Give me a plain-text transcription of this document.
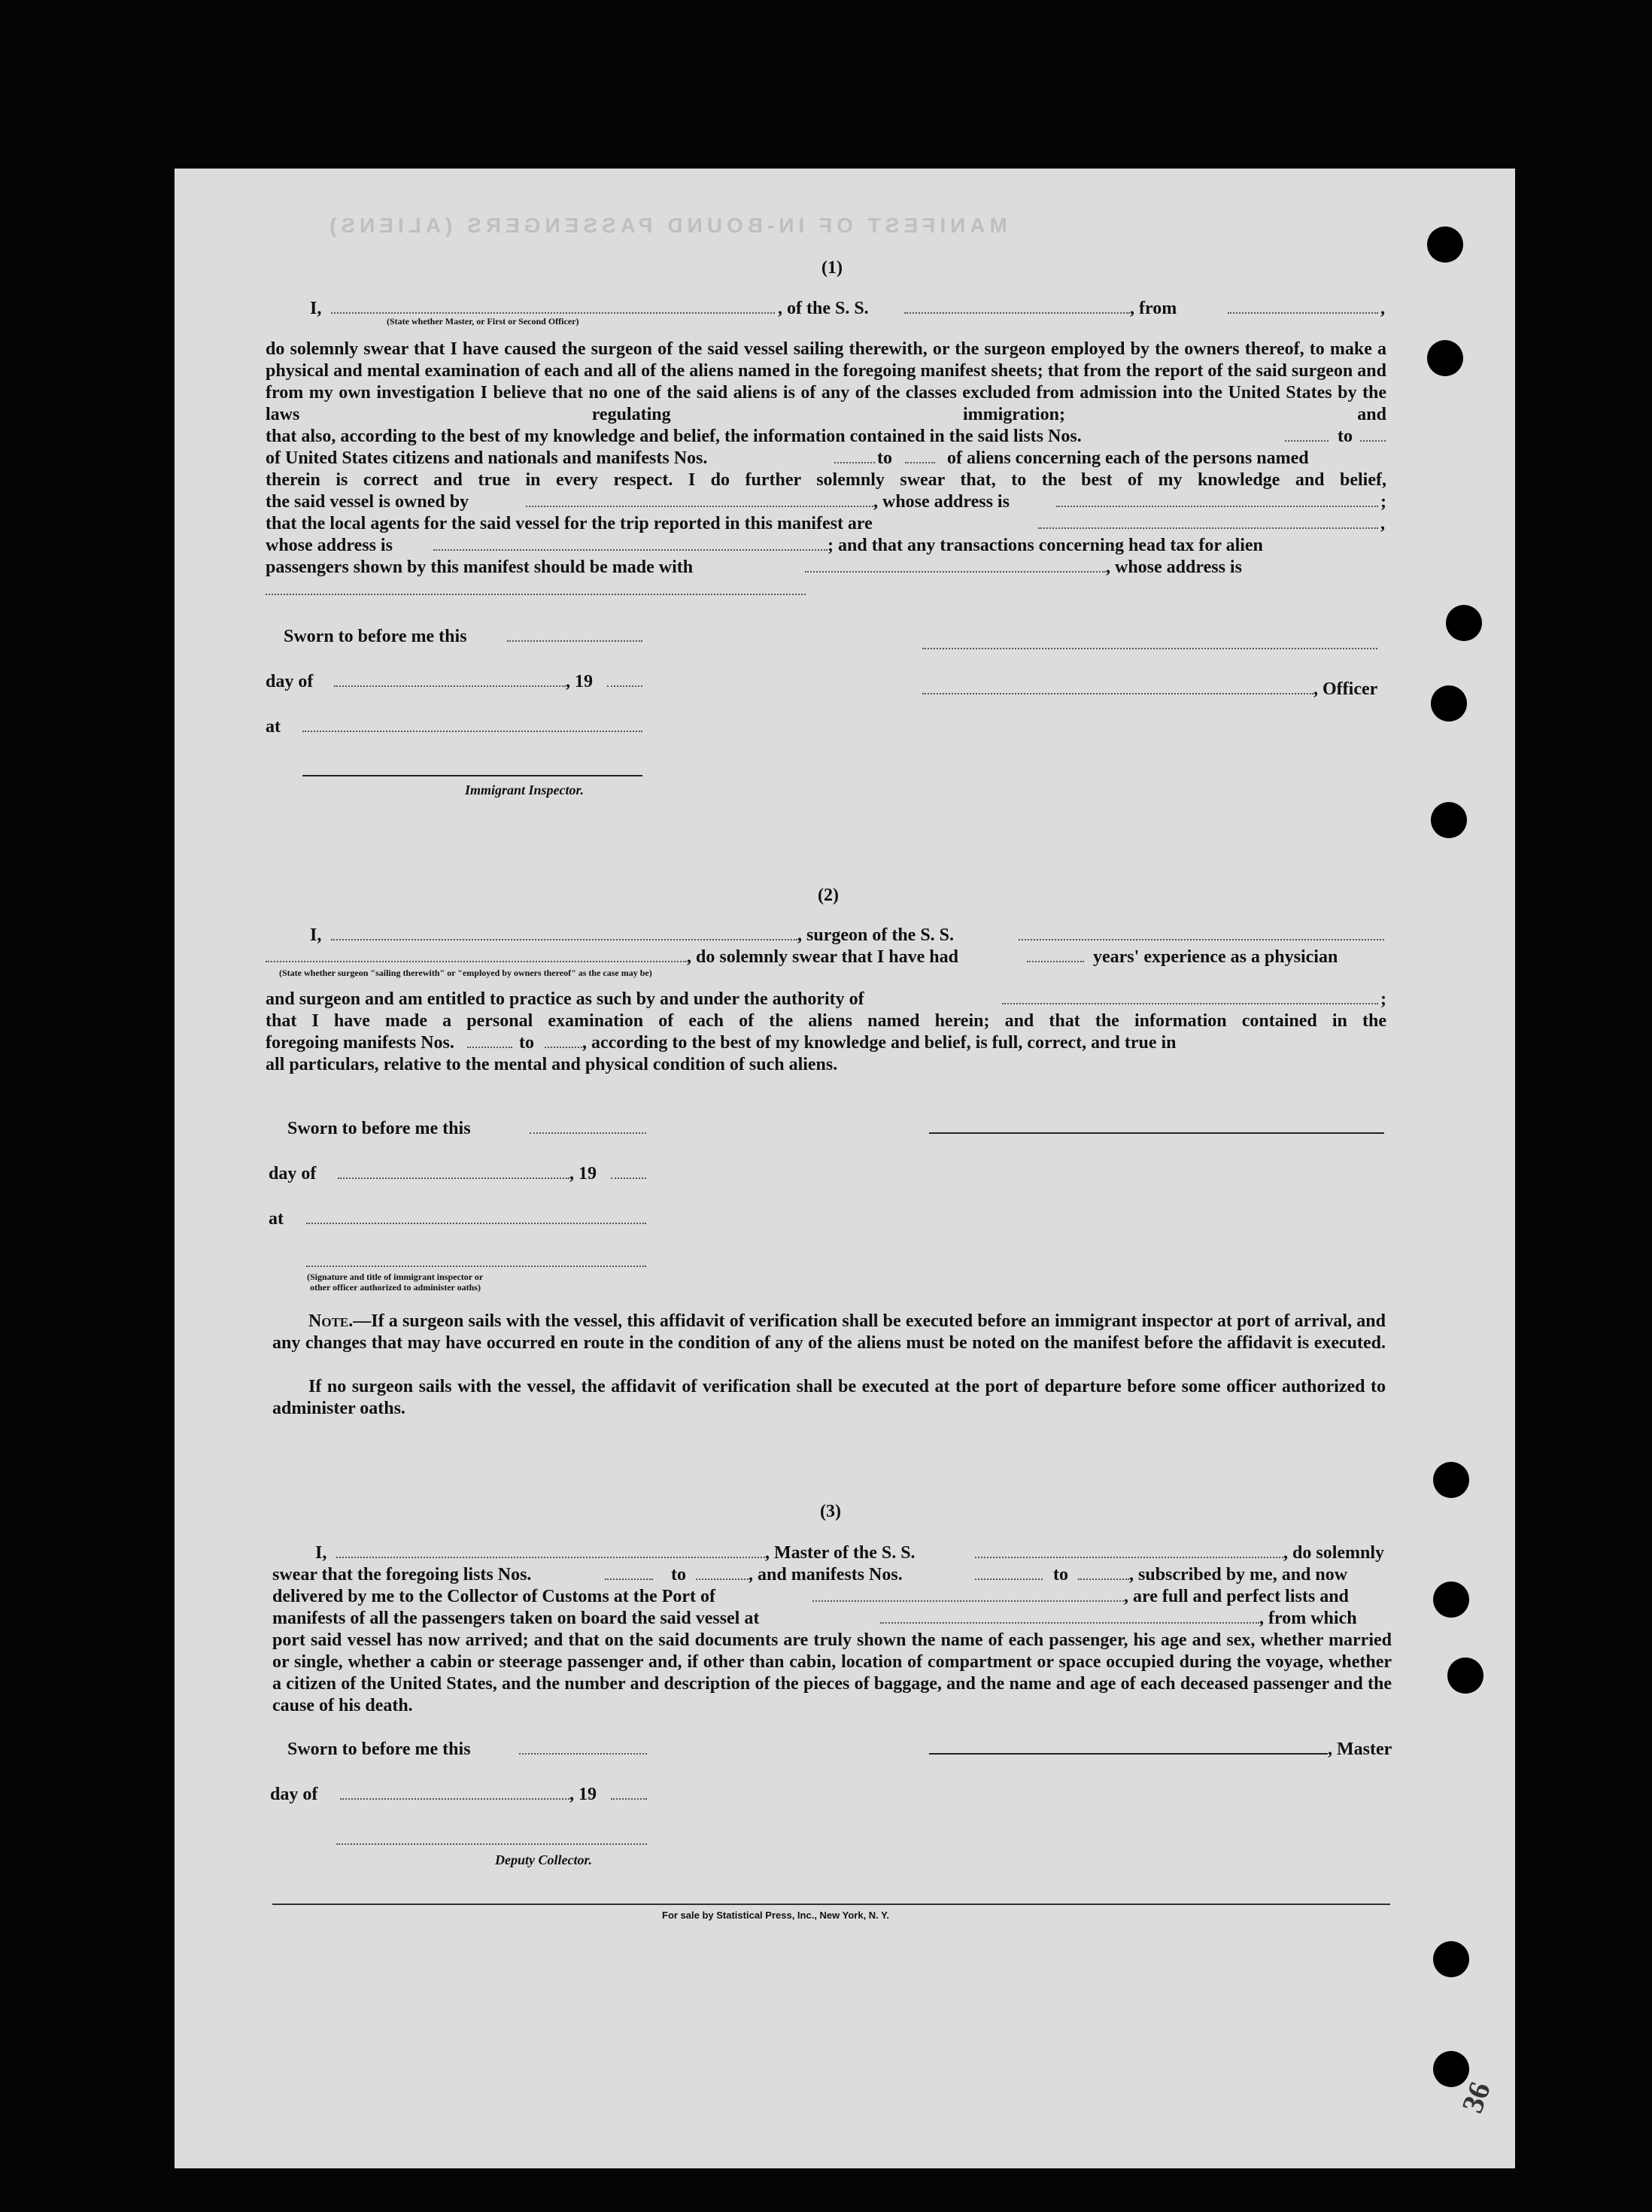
MANIFEST OF IN-BOUND PASSENGERS (ALIENS)
(1)
I,	, of the S. S.	, from	,
(State whether Master, or First or Second Officer)
do solemnly swear that I have caused the surgeon of the said vessel sailing therewith, or the surgeon employed by the owners thereof, to make a physical and mental examination of each and all of the aliens named in the foregoing manifest sheets; that from the report of the said surgeon and from my own investigation I believe that no one of the said aliens is of any of the classes excluded from admission into the United States by the laws regulating immigration; and
that also, according to the best of my knowledge and belief, the information contained in the said lists Nos.	to
of United States citizens and nationals and manifests Nos.	to	of aliens concerning each of the persons named
therein is correct and true in every respect. I do further solemnly swear that, to the best of my knowledge and belief,
the said vessel is owned by	, whose address is	;
that the local agents for the said vessel for the trip reported in this manifest are	,
whose address is	; and that any transactions concerning head tax for alien
passengers shown by this manifest should be made with	, whose address is
Sworn to before me this
day of	, 19	, Officer
at
Immigrant Inspector.
(2)
I,	, surgeon of the S. S.
, do solemnly swear that I have had	years' experience as a physician
(State whether surgeon "sailing therewith" or "employed by owners thereof" as the case may be)
and surgeon and am entitled to practice as such by and under the authority of	;
that I have made a personal examination of each of the aliens named herein; and that the information contained in the
foregoing manifests Nos.	to	, according to the best of my knowledge and belief, is full, correct, and true in
all particulars, relative to the mental and physical condition of such aliens.
Sworn to before me this
day of	, 19
at
(Signature and title of immigrant inspector or
other officer authorized to administer oaths)
Note.—If a surgeon sails with the vessel, this affidavit of verification shall be executed before an immigrant inspector at port of arrival, and any changes that may have occurred en route in the condition of any of the aliens must be noted on the manifest before the affidavit is executed.
If no surgeon sails with the vessel, the affidavit of verification shall be executed at the port of departure before some officer authorized to administer oaths.
(3)
I,	, Master of the S. S.	, do solemnly
swear that the foregoing lists Nos.	to	, and manifests Nos.	to	, subscribed by me, and now
delivered by me to the Collector of Customs at the Port of	, are full and perfect lists and
manifests of all the passengers taken on board the said vessel at	, from which
port said vessel has now arrived; and that on the said documents are truly shown the name of each passenger, his age and sex, whether married or single, whether a cabin or steerage passenger and, if other than cabin, location of compartment or space occupied during the voyage, whether a citizen of the United States, and the number and description of the pieces of baggage, and the name and age of each deceased passenger and the cause of his death.
Sworn to before me this	, Master
day of	, 19
Deputy Collector.
For sale by Statistical Press, Inc., New York, N. Y.
36
